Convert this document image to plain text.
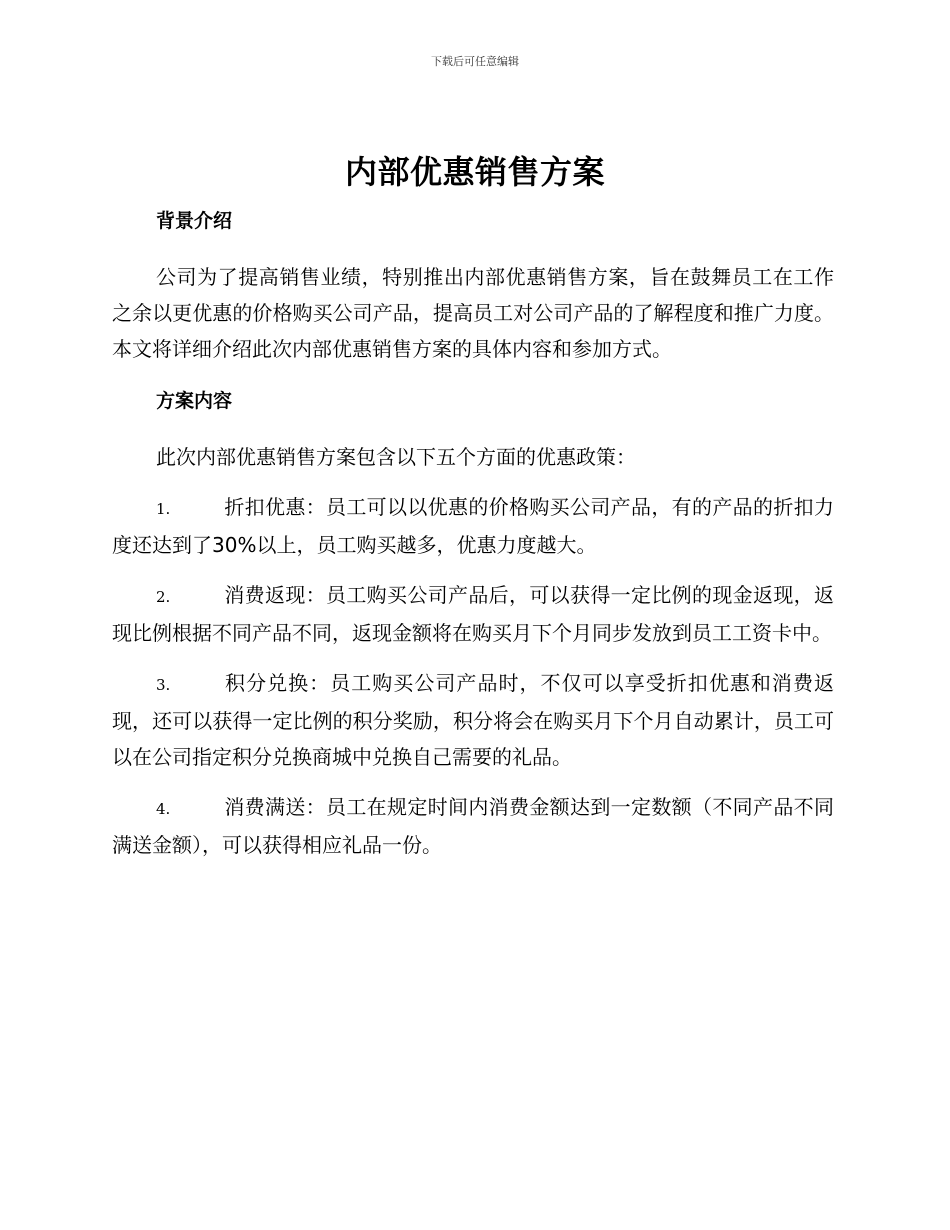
下载后可任意编辑
内部优惠销售方案
背景介绍

公司为了提高销售业绩，特别推出内部优惠销售方案，旨在鼓舞员工在工作之余以更优惠的价格购买公司产品，提高员工对公司产品的了解程度和推广力度。本文将详细介绍此次内部优惠销售方案的具体内容和参加方式。

方案内容

此次内部优惠销售方案包含以下五个方面的优惠政策：

1.	折扣优惠：员工可以以优惠的价格购买公司产品，有的产品的折扣力度还达到了30%以上，员工购买越多，优惠力度越大。
2.	消费返现：员工购买公司产品后，可以获得一定比例的现金返现，返现比例根据不同产品不同，返现金额将在购买月下个月同步发放到员工工资卡中。
3.	积分兑换：员工购买公司产品时，不仅可以享受折扣优惠和消费返现，还可以获得一定比例的积分奖励，积分将会在购买月下个月自动累计，员工可以在公司指定积分兑换商城中兑换自己需要的礼品。
4.	消费满送：员工在规定时间内消费金额达到一定数额（不同产品不同满送金额），可以获得相应礼品一份。
